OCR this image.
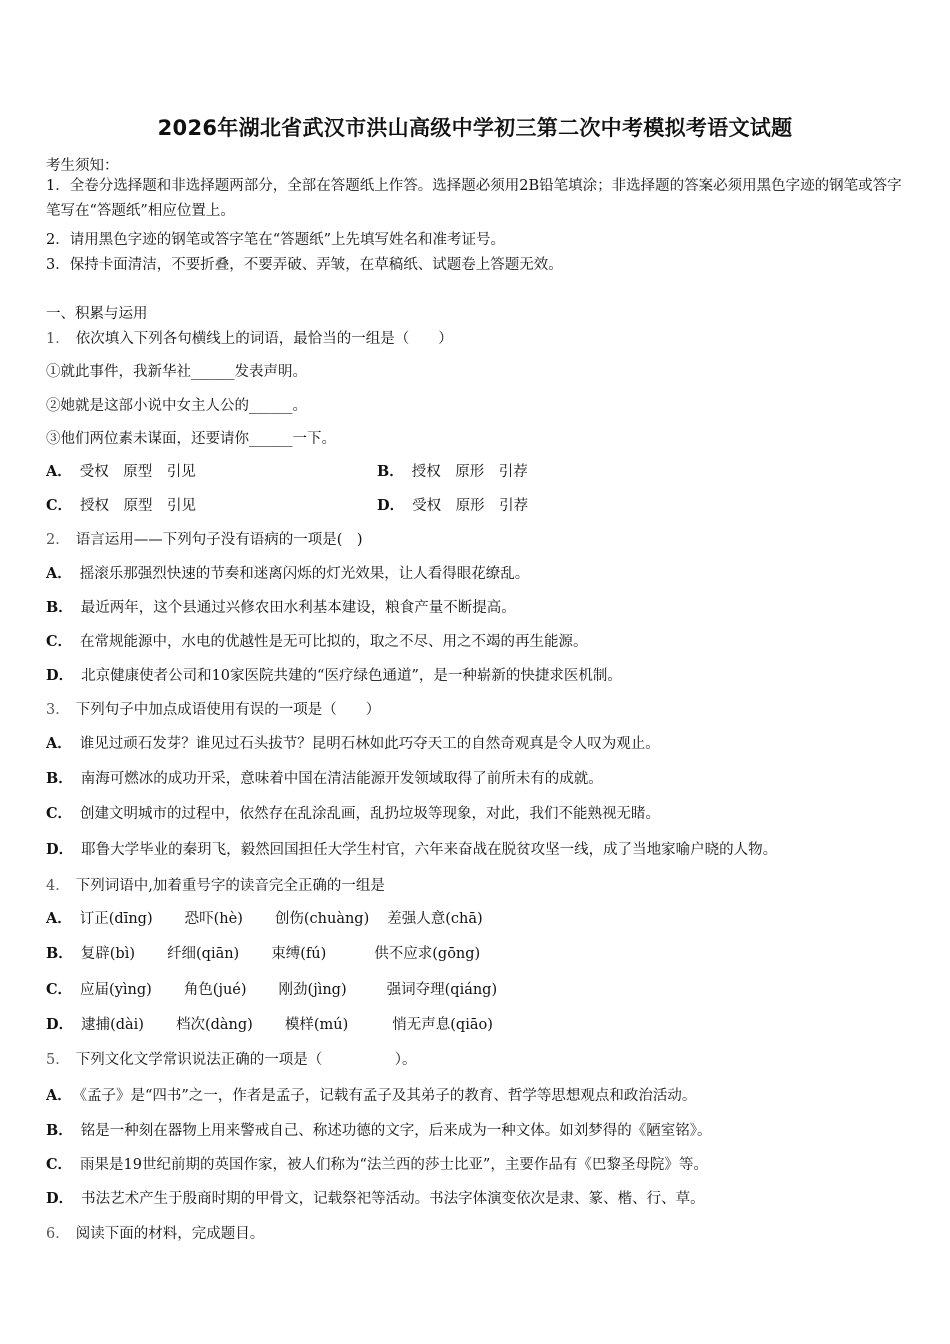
2026年湖北省武汉市洪山高级中学初三第二次中考模拟考语文试题
考生须知：
1．全卷分选择题和非选择题两部分，全部在答题纸上作答。选择题必须用2B铅笔填涂；非选择题的答案必须用黑色字迹的钢笔或答字笔写在“答题纸”相应位置上。
2．请用黑色字迹的钢笔或答字笔在“答题纸”上先填写姓名和准考证号。
3．保持卡面清洁，不要折叠，不要弄破、弄皱，在草稿纸、试题卷上答题无效。
一、积累与运用
1． 依次填入下列各句横线上的词语，最恰当的一组是（　　）
①就此事件，我新华社______发表声明。
②她就是这部小说中女主人公的______。
③他们两位素未谋面，还要请你______一下。
A． 受权　原型　引见	B． 授权　原形　引荐
C． 授权　原型　引见	D． 受权　原形　引荐
2． 语言运用——下列句子没有语病的一项是(　)
A． 摇滚乐那强烈快速的节奏和迷离闪烁的灯光效果，让人看得眼花缭乱。
B． 最近两年，这个县通过兴修农田水利基本建设，粮食产量不断提高。
C． 在常规能源中，水电的优越性是无可比拟的，取之不尽、用之不竭的再生能源。
D． 北京健康使者公司和10家医院共建的“医疗绿色通道”，是一种崭新的快捷求医机制。
3． 下列句子中加点成语使用有误的一项是（　　）
A． 谁见过顽石发芽？谁见过石头拔节？昆明石林如此巧夺天工的自然奇观真是令人叹为观止。
B． 南海可燃冰的成功开采，意味着中国在清洁能源开发领域取得了前所未有的成就。
C． 创建文明城市的过程中，依然存在乱涂乱画，乱扔垃圾等现象，对此，我们不能熟视无睹。
D． 耶鲁大学毕业的秦玥飞，毅然回国担任大学生村官，六年来奋战在脱贫攻坚一线，成了当地家喻户晓的人物。
4． 下列词语中,加着重号字的读音完全正确的一组是
A． 订正(dīng) 恐吓(hè) 创伤(chuàng) 差强人意(chā)
B． 复辟(bì) 纤细(qiān) 束缚(fú)	供不应求(gōng)
C． 应届(yìng) 角色(jué) 刚劲(jìng)	强词夺理(qiáng)
D． 逮捕(dài) 档次(dàng) 模样(mú)	悄无声息(qiāo)
5． 下列文化文学常识说法正确的一项是（　　　　　）。
A． 《孟子》是“四书”之一，作者是孟子，记载有孟子及其弟子的教育、哲学等思想观点和政治活动。
B． 铭是一种刻在器物上用来警戒自己、称述功德的文字，后来成为一种文体。如刘梦得的《陋室铭》。
C． 雨果是19世纪前期的英国作家，被人们称为“法兰西的莎士比亚”，主要作品有《巴黎圣母院》等。
D． 书法艺术产生于殷商时期的甲骨文，记载祭祀等活动。书法字体演变依次是隶、篆、楷、行、草。
6． 阅读下面的材料，完成题目。
